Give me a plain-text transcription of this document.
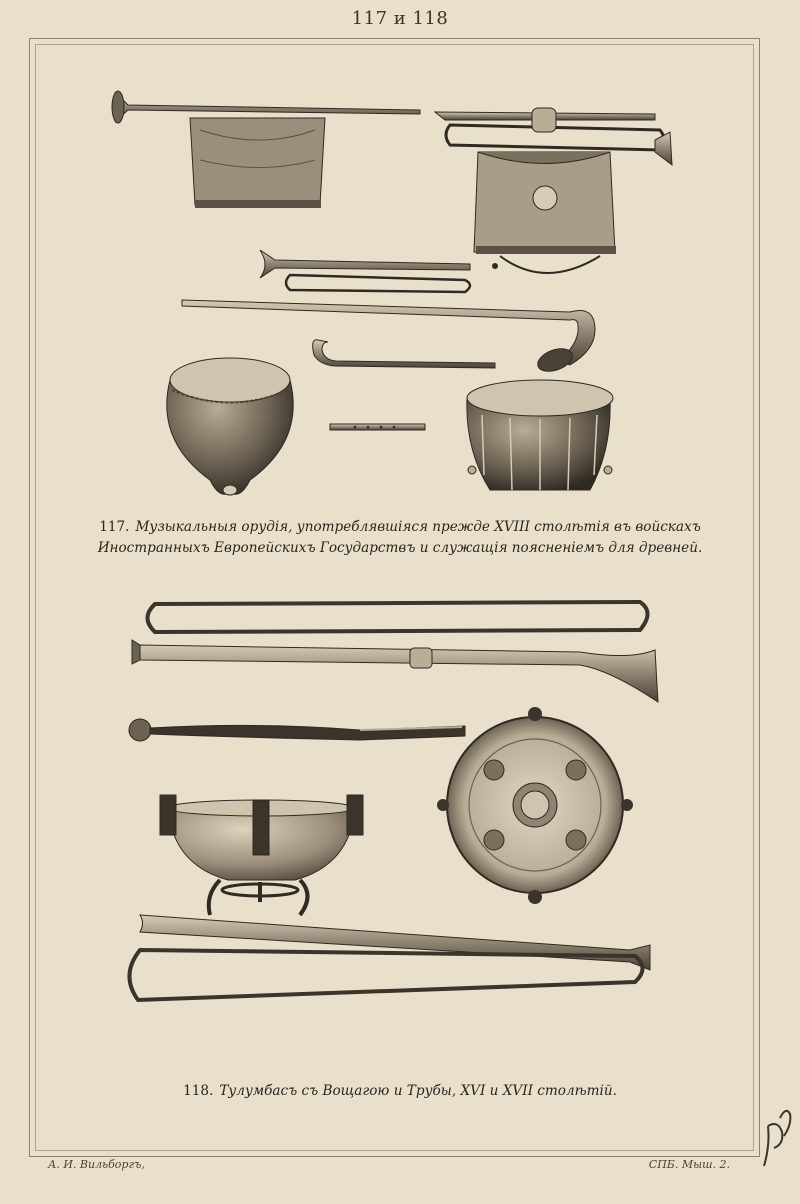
117 и 118
117. Музыкальныя орудія, употреблявшіяся прежде XVIII столѣтія въ войскахъ
Иностранныхъ Европейскихъ Государствъ и служащія поясненіемъ для древней.
118. Тулумбасъ съ Вощагою и Трубы, XVI и XVII столѣтій.
А. И. Вильборгъ,	СПБ. Мыш. 2.
